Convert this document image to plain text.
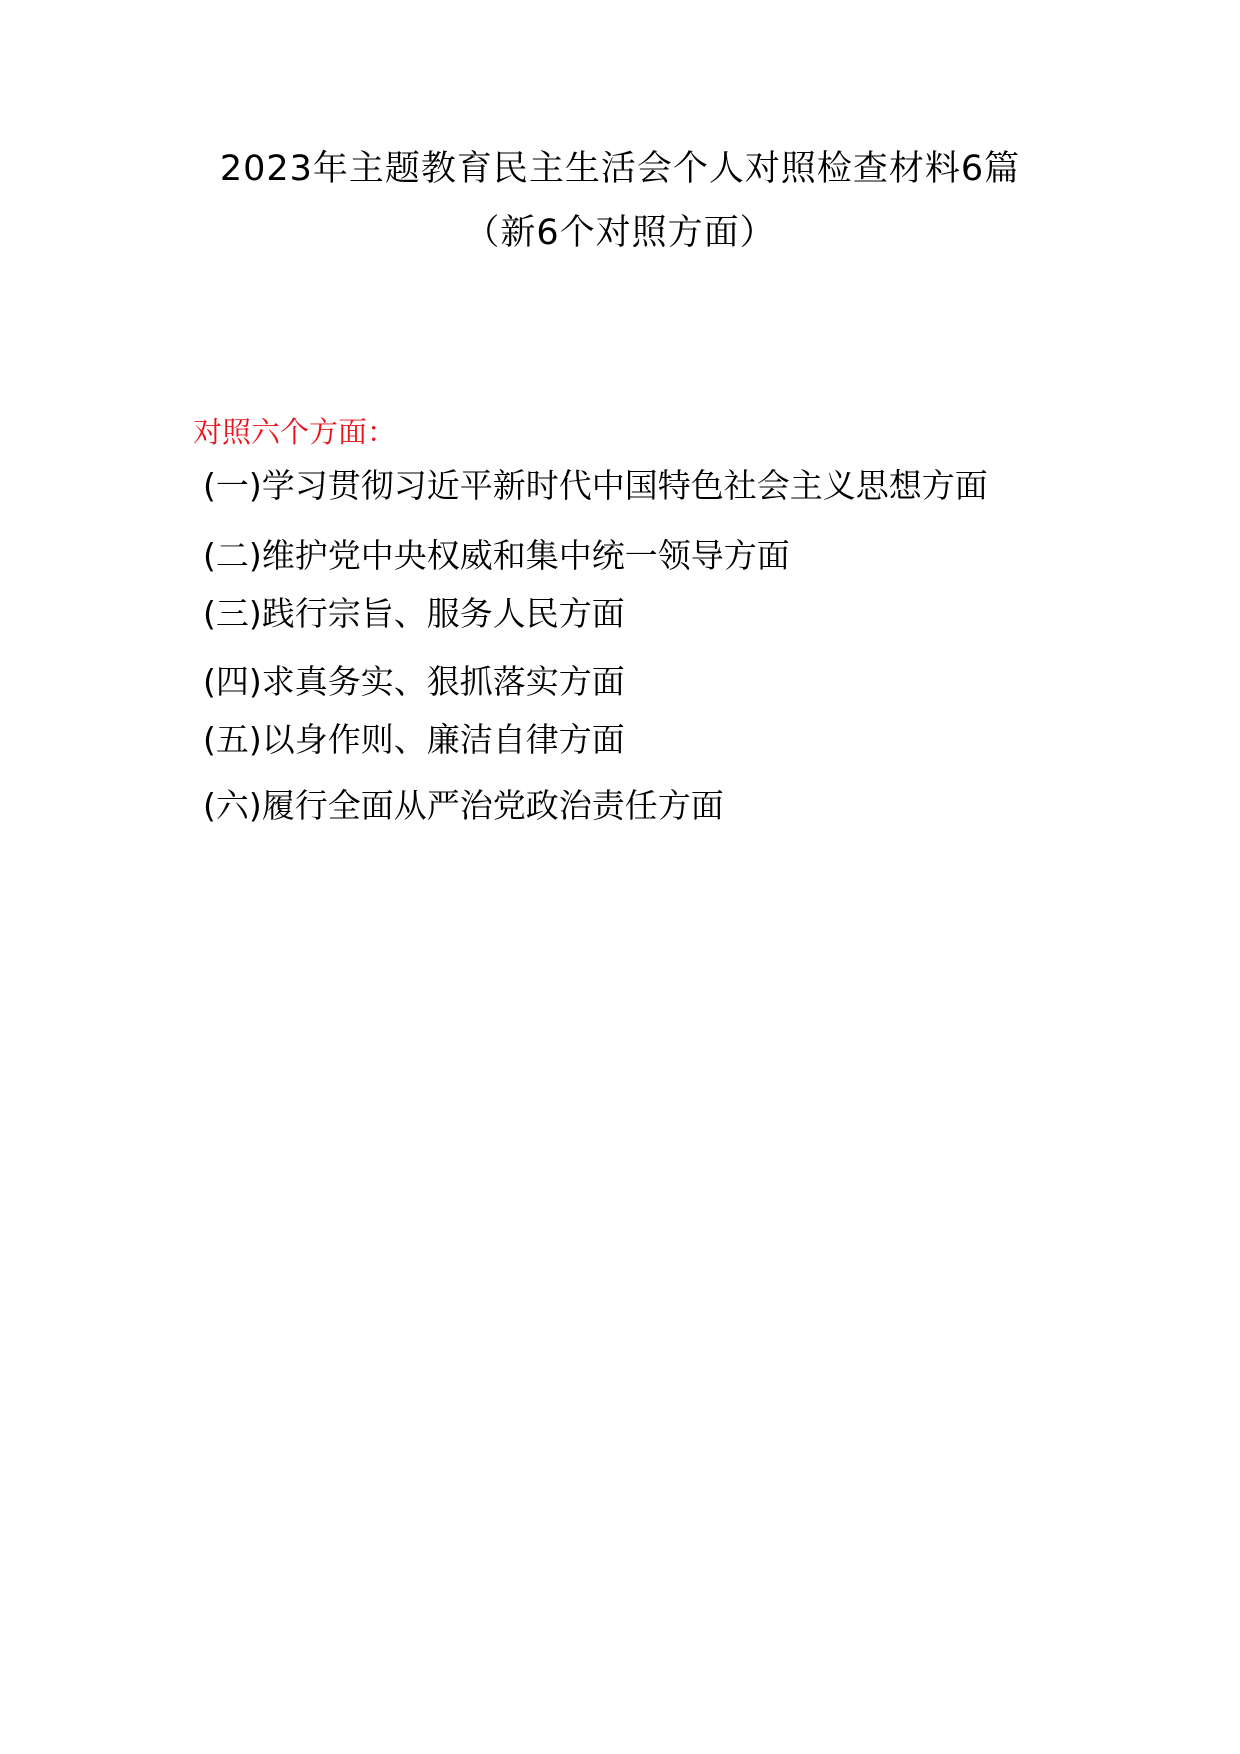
2023年主题教育民主生活会个人对照检查材料6篇
（新6个对照方面）
对照六个方面：
(一)学习贯彻习近平新时代中国特色社会主义思想方面
(二)维护党中央权威和集中统一领导方面
(三)践行宗旨、服务人民方面
(四)求真务实、狠抓落实方面
(五)以身作则、廉洁自律方面
(六)履行全面从严治党政治责任方面
